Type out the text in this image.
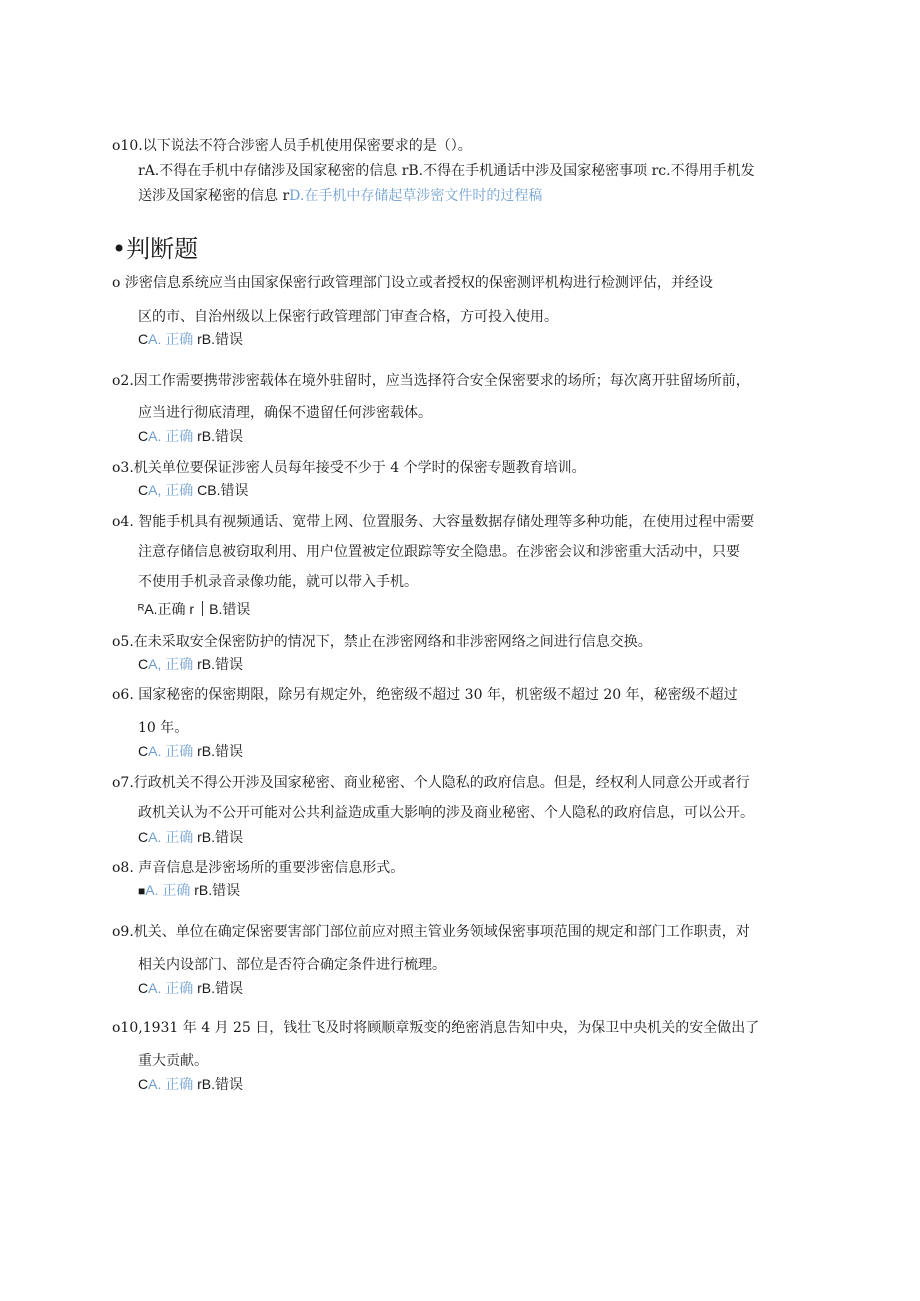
o10.以下说法不符合涉密人员手机使用保密要求的是（）。
rA.不得在手机中存储涉及国家秘密的信息 rB.不得在手机通话中涉及国家秘密事项 rc.不得用手机发
送涉及国家秘密的信息 rD.在手机中存储起草涉密文件时的过程稿
•判断题
o 涉密信息系统应当由国家保密行政管理部门设立或者授权的保密测评机构进行检测评估，并经设
区的市、自治州级以上保密行政管理部门审查合格，方可投入使用。
CA. 正确 rB.错误
o2.因工作需要携带涉密载体在境外驻留时，应当选择符合安全保密要求的场所；每次离开驻留场所前，
应当进行彻底清理，确保不遗留任何涉密载体。
CA. 正确 rB.错误
o3.机关单位要保证涉密人员每年接受不少于 4 个学时的保密专题教育培训。
CA, 正确 CB.错误
o4. 智能手机具有视频通话、宽带上网、位置服务、大容量数据存储处理等多种功能，在使用过程中需要
注意存储信息被窃取利用、用户位置被定位跟踪等安全隐患。在涉密会议和涉密重大活动中，只要
不使用手机录音录像功能，就可以带入手机。
ᴿA.正确 r B.错误
o5.在未采取安全保密防护的情况下，禁止在涉密网络和非涉密网络之间进行信息交换。
CA, 正确 rB.错误
o6. 国家秘密的保密期限，除另有规定外，绝密级不超过 30 年，机密级不超过 20 年，秘密级不超过
10 年。
CA. 正确 rB.错误
o7.行政机关不得公开涉及国家秘密、商业秘密、个人隐私的政府信息。但是，经权利人同意公开或者行
政机关认为不公开可能对公共利益造成重大影响的涉及商业秘密、个人隐私的政府信息，可以公开。
CA. 正确 rB.错误
o8. 声音信息是涉密场所的重要涉密信息形式。
■A. 正确 rB.错误
o9.机关、单位在确定保密要害部门部位前应对照主管业务领域保密事项范围的规定和部门工作职责，对
相关内设部门、部位是否符合确定条件进行梳理。
CA. 正确 rB.错误
o10,1931 年 4 月 25 日，钱壮飞及时将顾顺章叛变的绝密消息告知中央，为保卫中央机关的安全做出了
重大贡献。
CA. 正确 rB.错误
